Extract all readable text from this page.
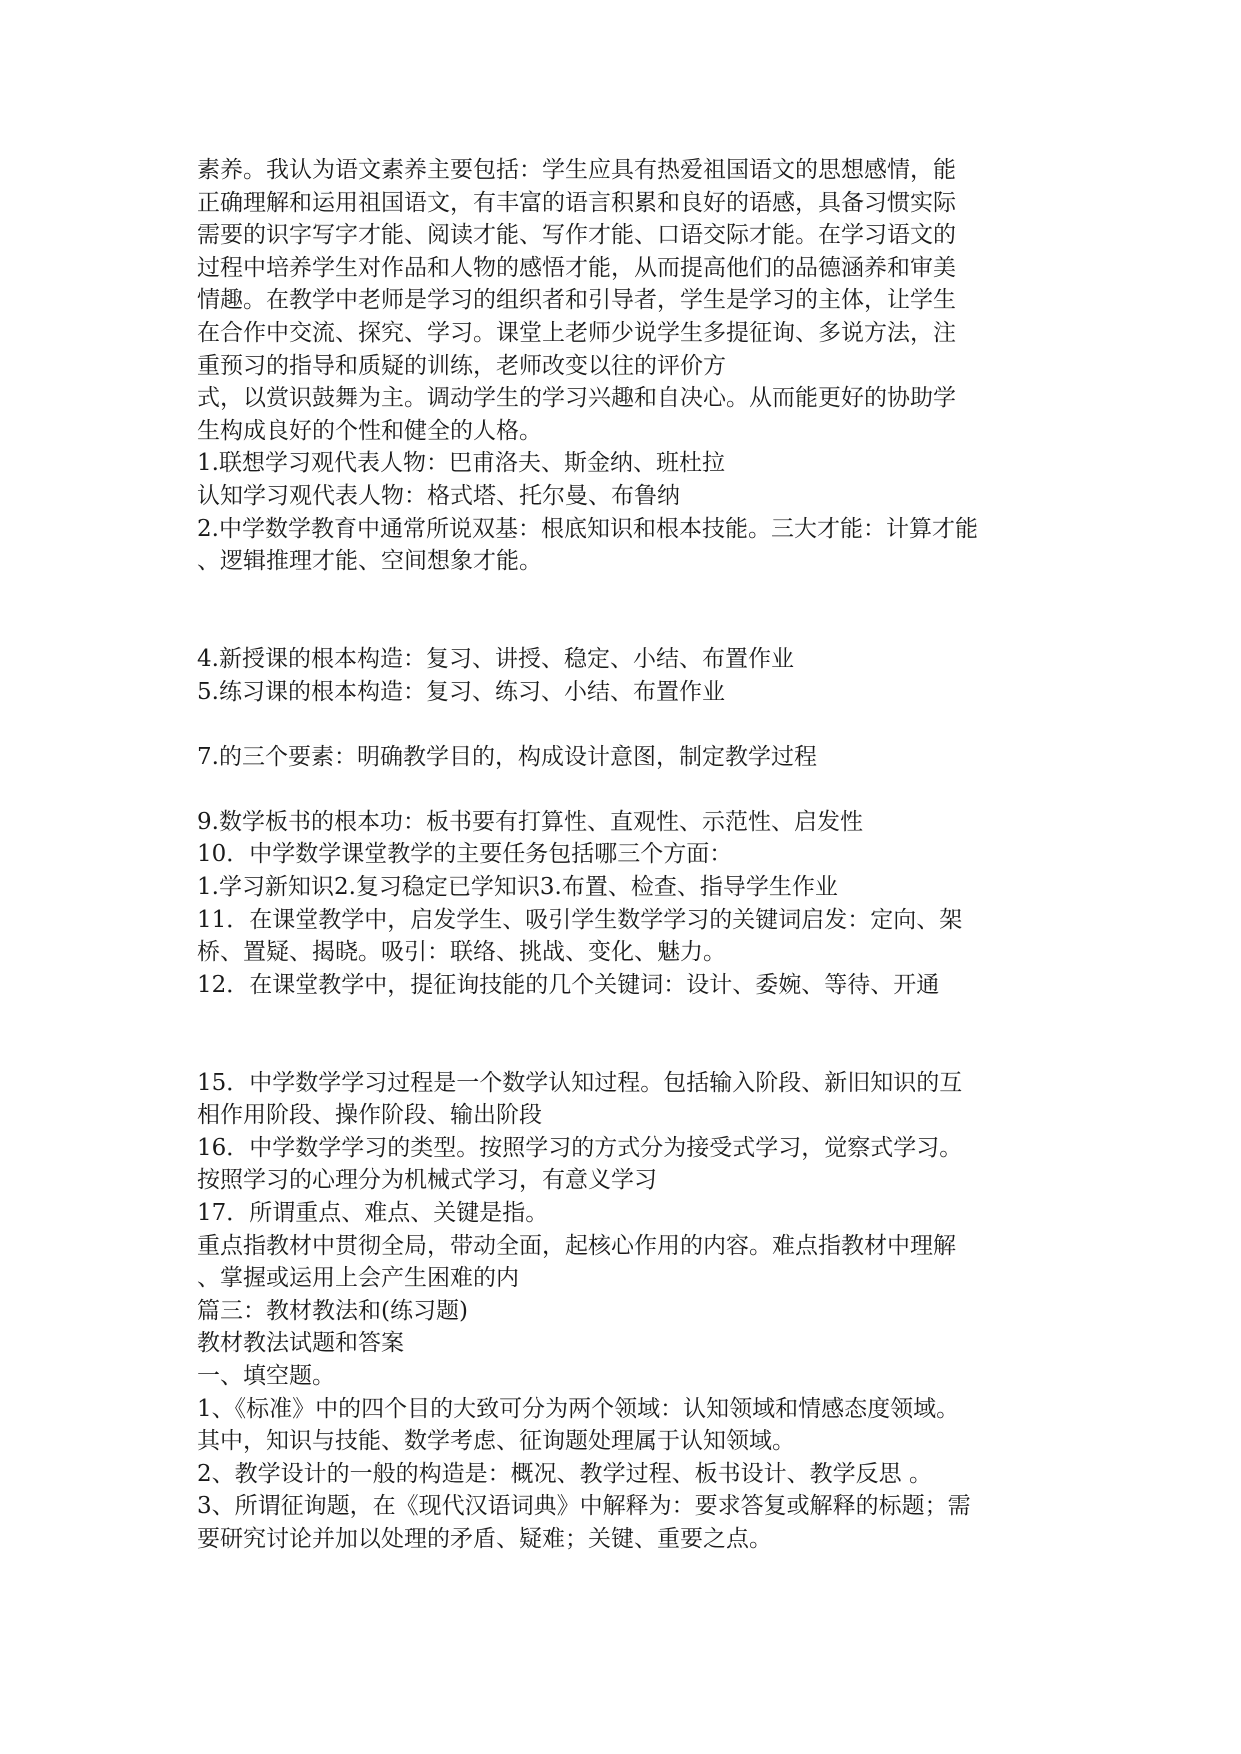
素养。我认为语文素养主要包括：学生应具有热爱祖国语文的思想感情，能
正确理解和运用祖国语文，有丰富的语言积累和良好的语感，具备习惯实际
需要的识字写字才能、阅读才能、写作才能、口语交际才能。在学习语文的
过程中培养学生对作品和人物的感悟才能，从而提高他们的品德涵养和审美
情趣。在教学中老师是学习的组织者和引导者，学生是学习的主体，让学生
在合作中交流、探究、学习。课堂上老师少说学生多提征询、多说方法，注
重预习的指导和质疑的训练，老师改变以往的评价方
式，以赏识鼓舞为主。调动学生的学习兴趣和自决心。从而能更好的协助学
生构成良好的个性和健全的人格。
1.联想学习观代表人物：巴甫洛夫、斯金纳、班杜拉
认知学习观代表人物：格式塔、托尔曼、布鲁纳
2.中学数学教育中通常所说双基：根底知识和根本技能。三大才能：计算才能
、逻辑推理才能、空间想象才能。
4.新授课的根本构造：复习、讲授、稳定、小结、布置作业
5.练习课的根本构造：复习、练习、小结、布置作业
7.的三个要素：明确教学目的，构成设计意图，制定教学过程
9.数学板书的根本功：板书要有打算性、直观性、示范性、启发性
10．中学数学课堂教学的主要任务包括哪三个方面：
1.学习新知识2.复习稳定已学知识3.布置、检查、指导学生作业
11．在课堂教学中，启发学生、吸引学生数学学习的关键词启发：定向、架
桥、置疑、揭晓。吸引：联络、挑战、变化、魅力。
12．在课堂教学中，提征询技能的几个关键词：设计、委婉、等待、开通
15．中学数学学习过程是一个数学认知过程。包括输入阶段、新旧知识的互
相作用阶段、操作阶段、输出阶段
16．中学数学学习的类型。按照学习的方式分为接受式学习，觉察式学习。
按照学习的心理分为机械式学习，有意义学习
17．所谓重点、难点、关键是指。
重点指教材中贯彻全局，带动全面，起核心作用的内容。难点指教材中理解
、掌握或运用上会产生困难的内
篇三：教材教法和(练习题)
教材教法试题和答案
一、填空题。
1、《标准》中的四个目的大致可分为两个领域：认知领域和情感态度领域。
其中，知识与技能、数学考虑、征询题处理属于认知领域。
2、教学设计的一般的构造是：概况、教学过程、板书设计、教学反思 。
3、所谓征询题，在《现代汉语词典》中解释为：要求答复或解释的标题；需
要研究讨论并加以处理的矛盾、疑难；关键、重要之点。
